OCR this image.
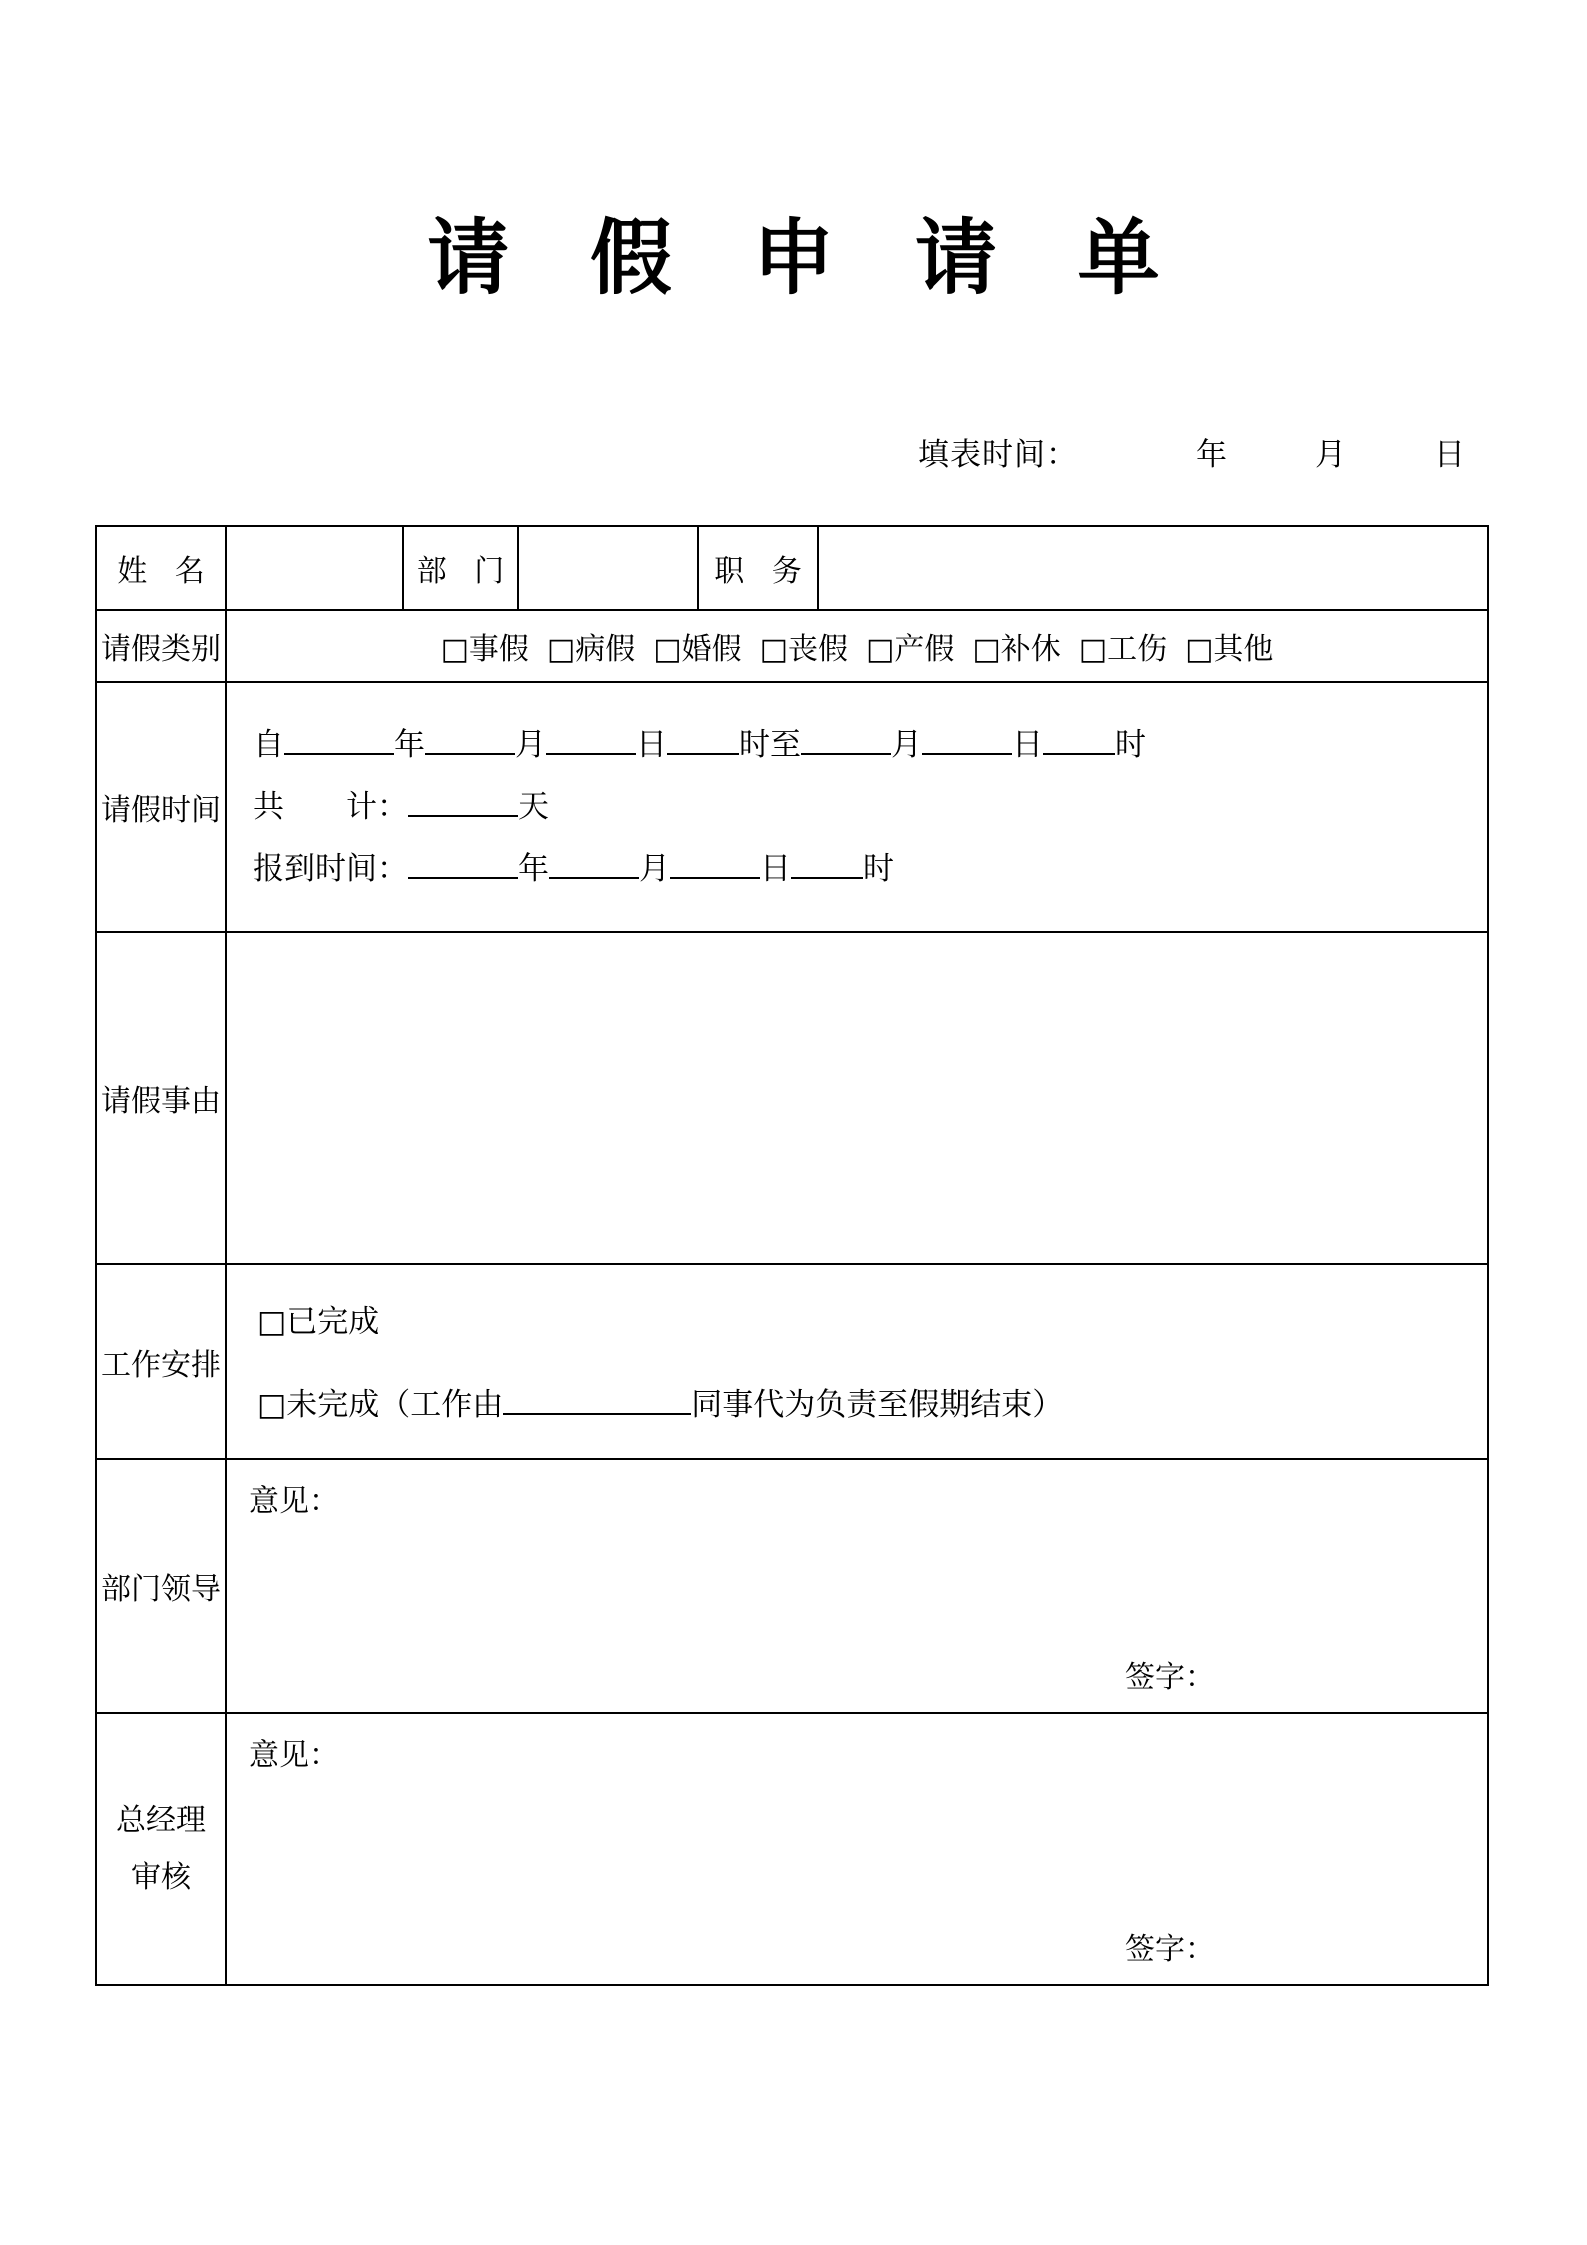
请 假 申 请 单
填表时间：	年	月	日
姓 名		部 门		职 务	
请假类别	□事假 □病假 □婚假 □丧假 □产假 □补休 □工伤 □其他				

请假时间	自 年 月 日 时至 月 日 时
共 计： 天
报到时间： 年 月 日 时				

请假事由					
工作安排	□已完成
□未完成（工作由 同事代为负责至假期结束）				

部门领导	意见：
签字：				

总经理
审核

意见：
签字：
